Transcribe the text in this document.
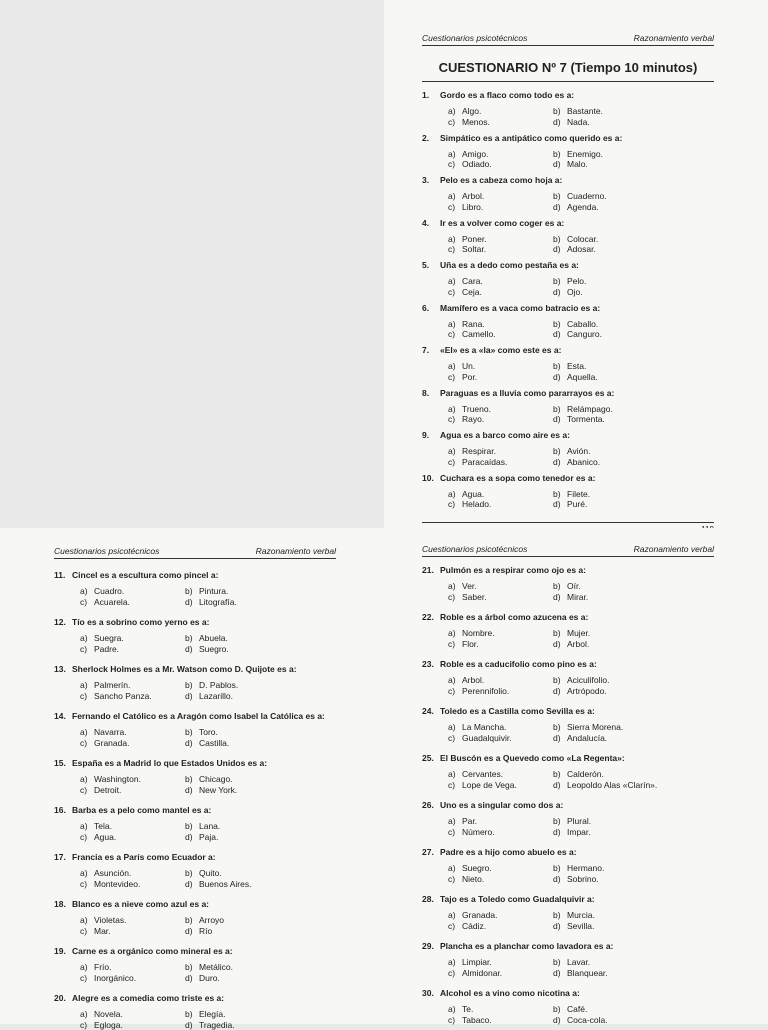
Cuestionarios psicotécnicos	Razonamiento verbal
CUESTIONARIO Nº 7 (Tiempo 10 minutos)
1. Gordo es a flaco como todo es a:
a) Algo.	b) Bastante.
c) Menos.	d) Nada.
2. Simpático es a antipático como querido es a:
a) Amigo.	b) Enemigo.
c) Odiado.	d) Malo.
3. Pelo es a cabeza como hoja a:
a) Arbol.	b) Cuaderno.
c) Libro.	d) Agenda.
4. Ir es a volver como coger es a:
a) Poner.	b) Colocar.
c) Soltar.	d) Adosar.
5. Uña es a dedo como pestaña es a:
a) Cara.	b) Pelo.
c) Ceja.	d) Ojo.
6. Mamífero es a vaca como batracio es a:
a) Rana.	b) Caballo.
c) Camello.	d) Canguro.
7. «El» es a «la» como este es a:
a) Un.	b) Esta.
c) Por.	d) Aquella.
8. Paraguas es a lluvia como pararrayos es a:
a) Trueno.	b) Relámpago.
c) Rayo.	d) Tormenta.
9. Agua es a barco como aire es a:
a) Respirar.	b) Avión.
c) Paracaídas.	d) Abanico.
10. Cuchara es a sopa como tenedor es a:
a) Agua.	b) Filete.
c) Helado.	d) Puré.
Cuestionarios psicotécnicos	Razonamiento verbal
11. Cincel es a escultura como pincel a:
a) Cuadro.	b) Pintura.
c) Acuarela.	d) Litografía.
12. Tío es a sobrino como yerno es a:
a) Suegra.	b) Abuela.
c) Padre.	d) Suegro.
13. Sherlock Holmes es a Mr. Watson como D. Quijote es a:
a) Palmerín.	b) D. Pablos.
c) Sancho Panza.	d) Lazarillo.
14. Fernando el Católico es a Aragón como Isabel la Católica es a:
a) Navarra.	b) Toro.
c) Granada.	d) Castilla.
15. España es a Madrid lo que Estados Unidos es a:
a) Washington.	b) Chicago.
c) Detroit.	d) New York.
16. Barba es a pelo como mantel es a:
a) Tela.	b) Lana.
c) Agua.	d) Paja.
17. Francia es a París como Ecuador a:
a) Asunción.	b) Quito.
c) Montevideo.	d) Buenos Aires.
18. Blanco es a nieve como azul es a:
a) Violetas.	b) Arroyo
c) Mar.	d) Río
19. Carne es a orgánico como mineral es a:
a) Frío.	b) Metálico.
c) Inorgánico.	d) Duro.
20. Alegre es a comedia como triste es a:
a) Novela.	b) Elegía.
c) Egloga.	d) Tragedia.
Cuestionarios psicotécnicos	Razonamiento verbal
21. Pulmón es a respirar como ojo es a:
a) Ver.	b) Oír.
c) Saber.	d) Mirar.
22. Roble es a árbol como azucena es a:
a) Nombre.	b) Mujer.
c) Flor.	d) Arbol.
23. Roble es a caducifolio como pino es a:
a) Arbol.	b) Aciculifolio.
c) Perennifolio.	d) Artrópodo.
24. Toledo es a Castilla como Sevilla es a:
a) La Mancha.	b) Sierra Morena.
c) Guadalquivir.	d) Andalucía.
25. El Buscón es a Quevedo como «La Regenta»:
a) Cervantes.	b) Calderón.
c) Lope de Vega.	d) Leopoldo Alas «Clarín».
26. Uno es a singular como dos a:
a) Par.	b) Plural.
c) Número.	d) Impar.
27. Padre es a hijo como abuelo es a:
a) Suegro.	b) Hermano.
c) Nieto.	d) Sobrino.
28. Tajo es a Toledo como Guadalquivir a:
a) Granada.	b) Murcia.
c) Cádiz.	d) Sevilla.
29. Plancha es a planchar como lavadora es a:
a) Limpiar.	b) Lavar.
c) Almidonar.	d) Blanquear.
30. Alcohol es a vino como nicotina a:
a) Te.	b) Café.
c) Tabaco.	d) Coca-cola.
